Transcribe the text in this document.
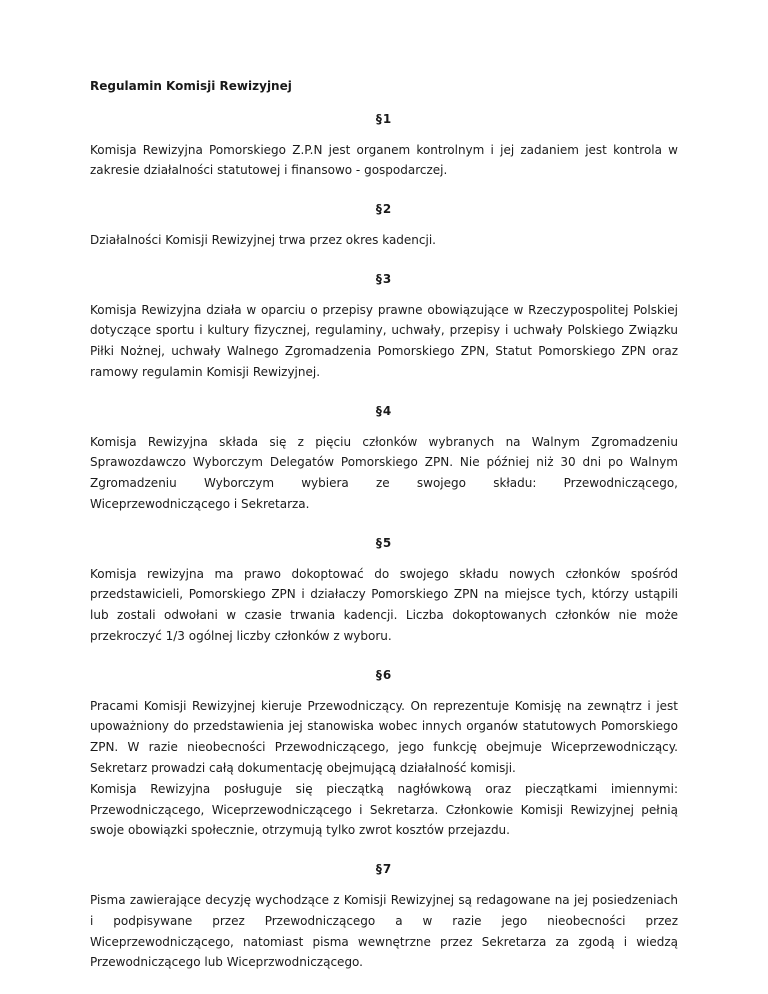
Regulamin Komisji Rewizyjnej
§1
Komisja Rewizyjna Pomorskiego Z.P.N jest organem kontrolnym i jej zadaniem jest kontrola w zakresie działalności statutowej i finansowo - gospodarczej.
§2
Działalności Komisji Rewizyjnej trwa przez okres kadencji.
§3
Komisja Rewizyjna działa w oparciu o przepisy prawne obowiązujące w Rzeczypospolitej Polskiej dotyczące sportu i kultury fizycznej, regulaminy, uchwały, przepisy i uchwały Polskiego Związku Piłki Nożnej, uchwały Walnego Zgromadzenia Pomorskiego ZPN, Statut Pomorskiego ZPN oraz ramowy regulamin Komisji Rewizyjnej.
§4
Komisja Rewizyjna składa się z pięciu członków wybranych na Walnym Zgromadzeniu Sprawozdawczo Wyborczym Delegatów Pomorskiego ZPN. Nie później niż 30 dni po Walnym Zgromadzeniu Wyborczym wybiera ze swojego składu: Przewodniczącego, Wiceprzewodniczącego i Sekretarza.
§5
Komisja rewizyjna ma prawo dokoptować do swojego składu nowych członków spośród przedstawicieli, Pomorskiego ZPN i działaczy Pomorskiego ZPN na miejsce tych, którzy ustąpili lub zostali odwołani w czasie trwania kadencji. Liczba dokoptowanych członków nie może przekroczyć 1/3 ogólnej liczby członków z wyboru.
§6
Pracami Komisji Rewizyjnej kieruje Przewodniczący. On reprezentuje Komisję na zewnątrz i jest upoważniony do przedstawienia jej stanowiska wobec innych organów statutowych Pomorskiego ZPN. W razie nieobecności Przewodniczącego, jego funkcję obejmuje Wiceprzewodniczący. Sekretarz prowadzi całą dokumentację obejmującą działalność komisji.
Komisja Rewizyjna posługuje się pieczątką nagłówkową oraz pieczątkami imiennymi: Przewodniczącego, Wiceprzewodniczącego i Sekretarza. Członkowie Komisji Rewizyjnej pełnią swoje obowiązki społecznie, otrzymują tylko zwrot kosztów przejazdu.
§7
Pisma zawierające decyzję wychodzące z Komisji Rewizyjnej są redagowane na jej posiedzeniach i podpisywane przez Przewodniczącego a w razie jego nieobecności przez Wiceprzewodniczącego, natomiast pisma wewnętrzne przez Sekretarza za zgodą i wiedzą Przewodniczącego lub Wiceprzwodniczącego.
